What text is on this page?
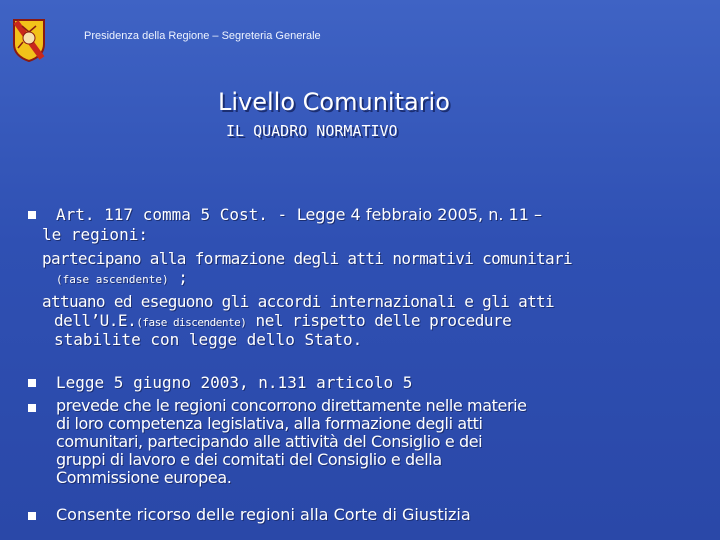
Presidenza della Regione – Segreteria Generale
Livello Comunitario
IL QUADRO NORMATIVO
Art. 117 comma 5 Cost. - Legge 4 febbraio 2005, n. 11 –
le regioni:
partecipano alla formazione degli atti normativi comunitari
(fase ascendente) ;
attuano ed eseguono gli accordi internazionali e gli atti
dell’U.E.(fase discendente) nel rispetto delle procedure
stabilite con legge dello Stato.
Legge 5 giugno 2003, n.131 articolo 5
prevede che le regioni concorrono direttamente nelle materie
di loro competenza legislativa, alla formazione degli atti
comunitari, partecipando alle attività del Consiglio e dei
gruppi di lavoro e dei comitati del Consiglio e della
Commissione europea.
Consente ricorso delle regioni alla Corte di Giustizia
